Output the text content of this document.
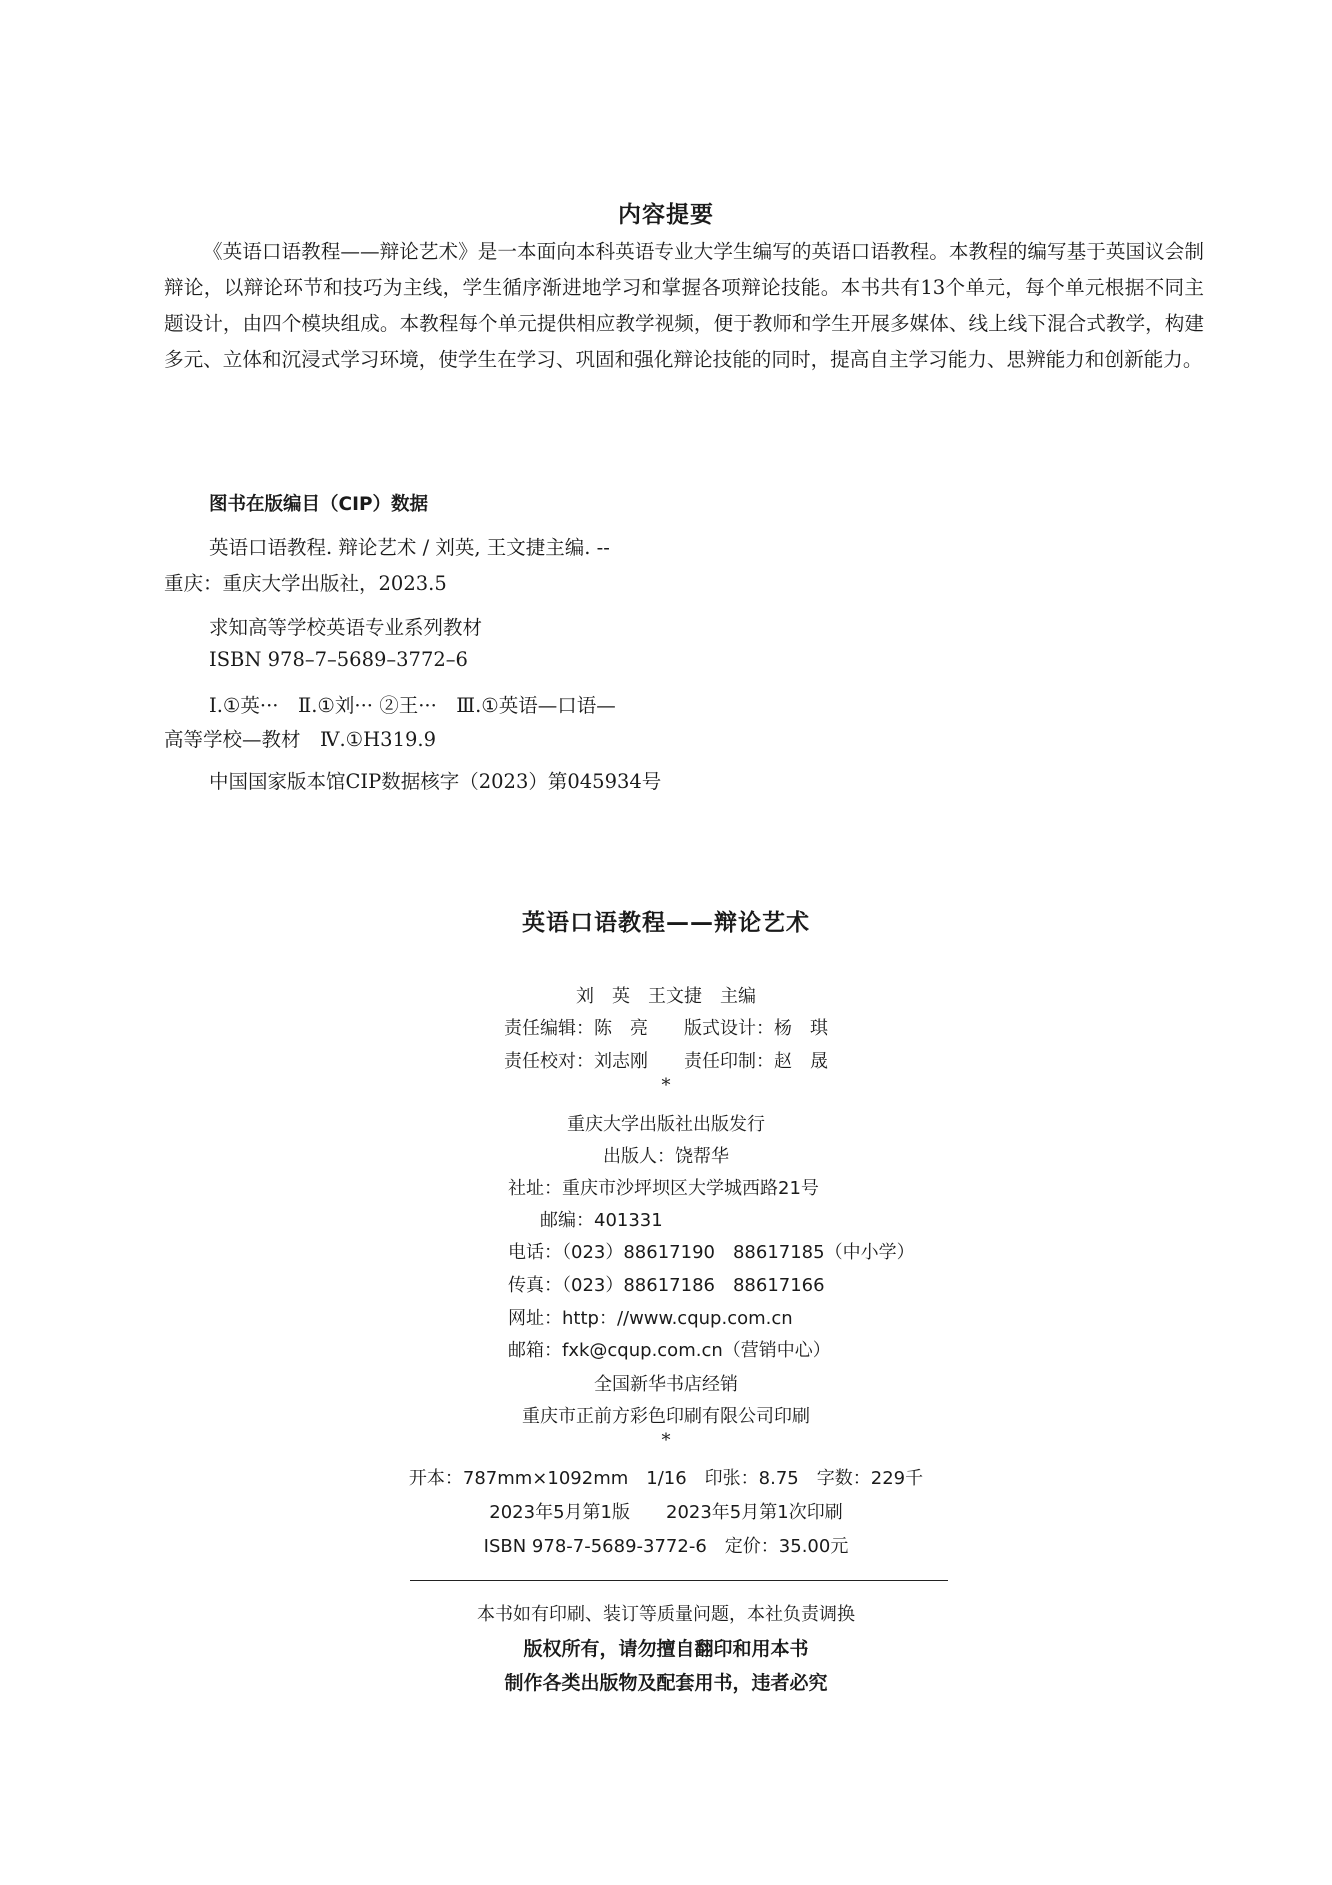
内容提要
《英语口语教程——辩论艺术》是一本面向本科英语专业大学生编写的英语口语教程。本教程的编写基于英国议会制辩论，以辩论环节和技巧为主线，学生循序渐进地学习和掌握各项辩论技能。本书共有13个单元，每个单元根据不同主题设计，由四个模块组成。本教程每个单元提供相应教学视频，便于教师和学生开展多媒体、线上线下混合式教学，构建多元、立体和沉浸式学习环境，使学生在学习、巩固和强化辩论技能的同时，提高自主学习能力、思辨能力和创新能力。
图书在版编目（CIP）数据
英语口语教程. 辩论艺术 / 刘英, 王文捷主编. --
重庆：重庆大学出版社，2023.5
求知高等学校英语专业系列教材
ISBN 978–7–5689–3772–6
Ⅰ.①英···　Ⅱ.①刘··· ②王···　Ⅲ.①英语—口语—
高等学校—教材　Ⅳ.①H319.9
中国国家版本馆CIP数据核字（2023）第045934号
英语口语教程——辩论艺术
刘　英　王文捷　主编
责任编辑：陈　亮　　版式设计：杨　琪
责任校对：刘志刚　　责任印制：赵　晟
*
重庆大学出版社出版发行
出版人：饶帮华
社址：重庆市沙坪坝区大学城西路21号
邮编：401331
电话：（023）88617190　88617185（中小学）
传真：（023）88617186　88617166
网址：http：//www.cqup.com.cn
邮箱：fxk@cqup.com.cn（营销中心）
全国新华书店经销
重庆市正前方彩色印刷有限公司印刷
*
开本：787mm×1092mm　1/16　印张：8.75　字数：229千
2023年5月第1版　　2023年5月第1次印刷
ISBN 978-7-5689-3772-6　定价：35.00元
本书如有印刷、装订等质量问题，本社负责调换
版权所有，请勿擅自翻印和用本书
制作各类出版物及配套用书，违者必究
